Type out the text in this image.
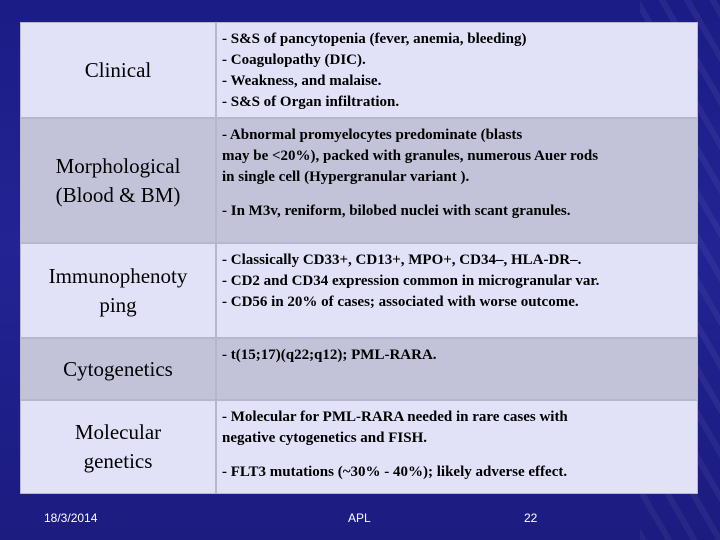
Clinical
- S&S of pancytopenia (fever, anemia, bleeding)
- Coagulopathy (DIC).
- Weakness, and malaise.
- S&S of Organ infiltration.
Morphological
(Blood & BM)
- Abnormal promyelocytes predominate (blasts
may be <20%), packed with granules, numerous Auer rods
in single cell (Hypergranular variant ).
- In M3v, reniform, bilobed nuclei with scant granules.
Immunophenoty
ping
- Classically CD33+, CD13+, MPO+, CD34–, HLA-DR–.
- CD2 and CD34 expression common in microgranular var.
- CD56 in 20% of cases; associated with worse outcome.
Cytogenetics
- t(15;17)(q22;q12); PML-RARA.
Molecular
genetics
- Molecular for PML-RARA needed in rare cases with
negative cytogenetics and FISH.
- FLT3 mutations (~30% - 40%); likely adverse effect.
18/3/2014	APL	22
